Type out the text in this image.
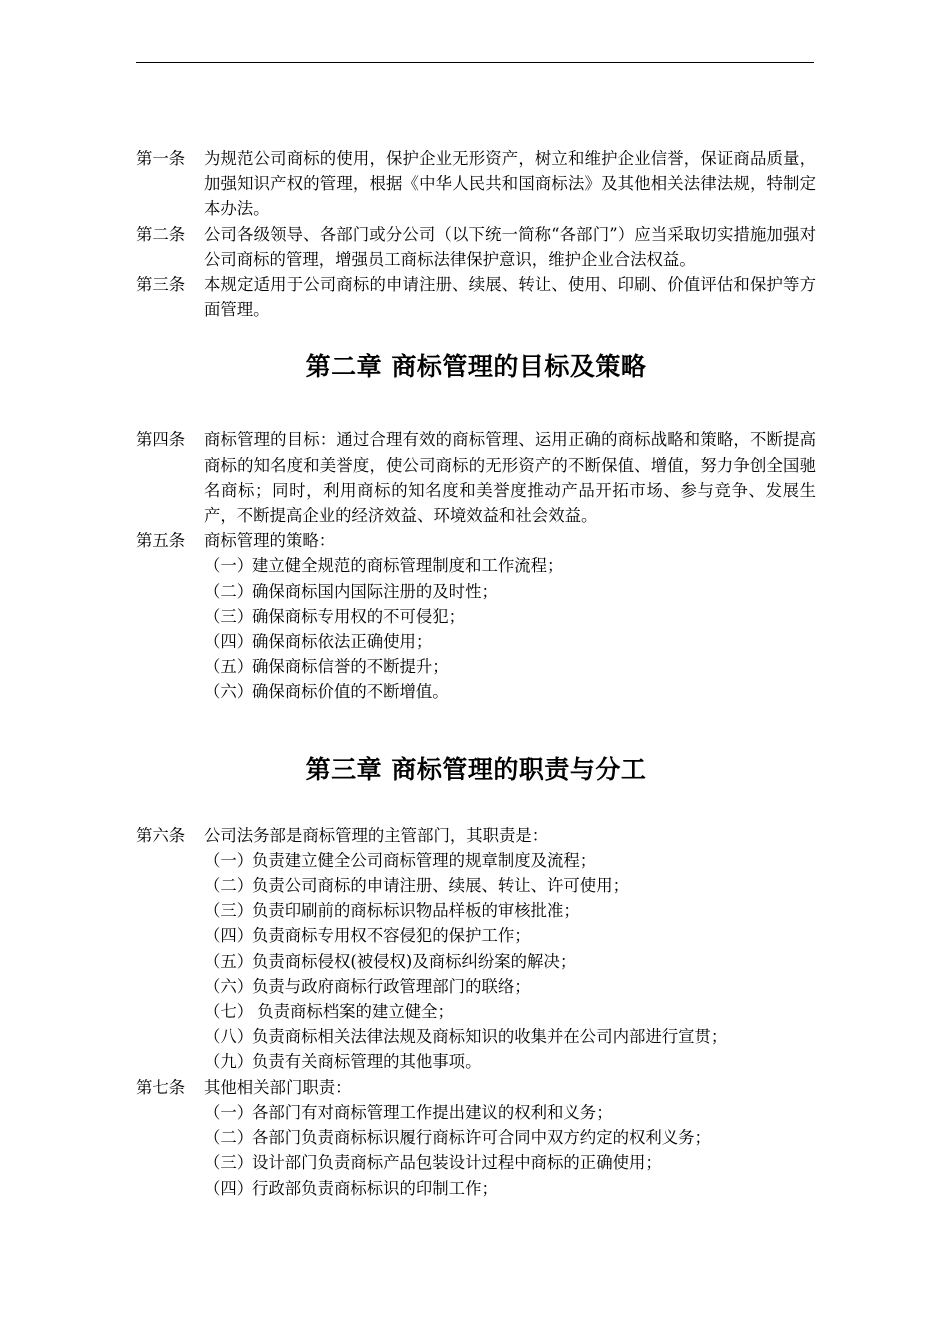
第一条	为规范公司商标的使用，保护企业无形资产，树立和维护企业信誉，保证商品质量，加强知识产权的管理，根据《中华人民共和国商标法》及其他相关法律法规，特制定本办法。
第二条	公司各级领导、各部门或分公司（以下统一简称“各部门”）应当采取切实措施加强对公司商标的管理，增强员工商标法律保护意识，维护企业合法权益。
第三条	本规定适用于公司商标的申请注册、续展、转让、使用、印刷、价值评估和保护等方面管理。
第二章 商标管理的目标及策略
第四条	商标管理的目标：通过合理有效的商标管理、运用正确的商标战略和策略，不断提高商标的知名度和美誉度，使公司商标的无形资产的不断保值、增值，努力争创全国驰名商标；同时，利用商标的知名度和美誉度推动产品开拓市场、参与竞争、发展生产，不断提高企业的经济效益、环境效益和社会效益。
第五条	商标管理的策略：
（一）建立健全规范的商标管理制度和工作流程；
（二）确保商标国内国际注册的及时性；
（三）确保商标专用权的不可侵犯；
（四）确保商标依法正确使用；
（五）确保商标信誉的不断提升；
（六）确保商标价值的不断增值。
第三章 商标管理的职责与分工
第六条	公司法务部是商标管理的主管部门，其职责是：
（一）负责建立健全公司商标管理的规章制度及流程；
（二）负责公司商标的申请注册、续展、转让、许可使用；
（三）负责印刷前的商标标识物品样板的审核批准；
（四）负责商标专用权不容侵犯的保护工作；
（五）负责商标侵权(被侵权)及商标纠纷案的解决；
（六）负责与政府商标行政管理部门的联络；
（七） 负责商标档案的建立健全；
（八）负责商标相关法律法规及商标知识的收集并在公司内部进行宣贯；
（九）负责有关商标管理的其他事项。
第七条	其他相关部门职责：
（一）各部门有对商标管理工作提出建议的权利和义务；
（二）各部门负责商标标识履行商标许可合同中双方约定的权利义务；
（三）设计部门负责商标产品包装设计过程中商标的正确使用；
（四）行政部负责商标标识的印制工作；
